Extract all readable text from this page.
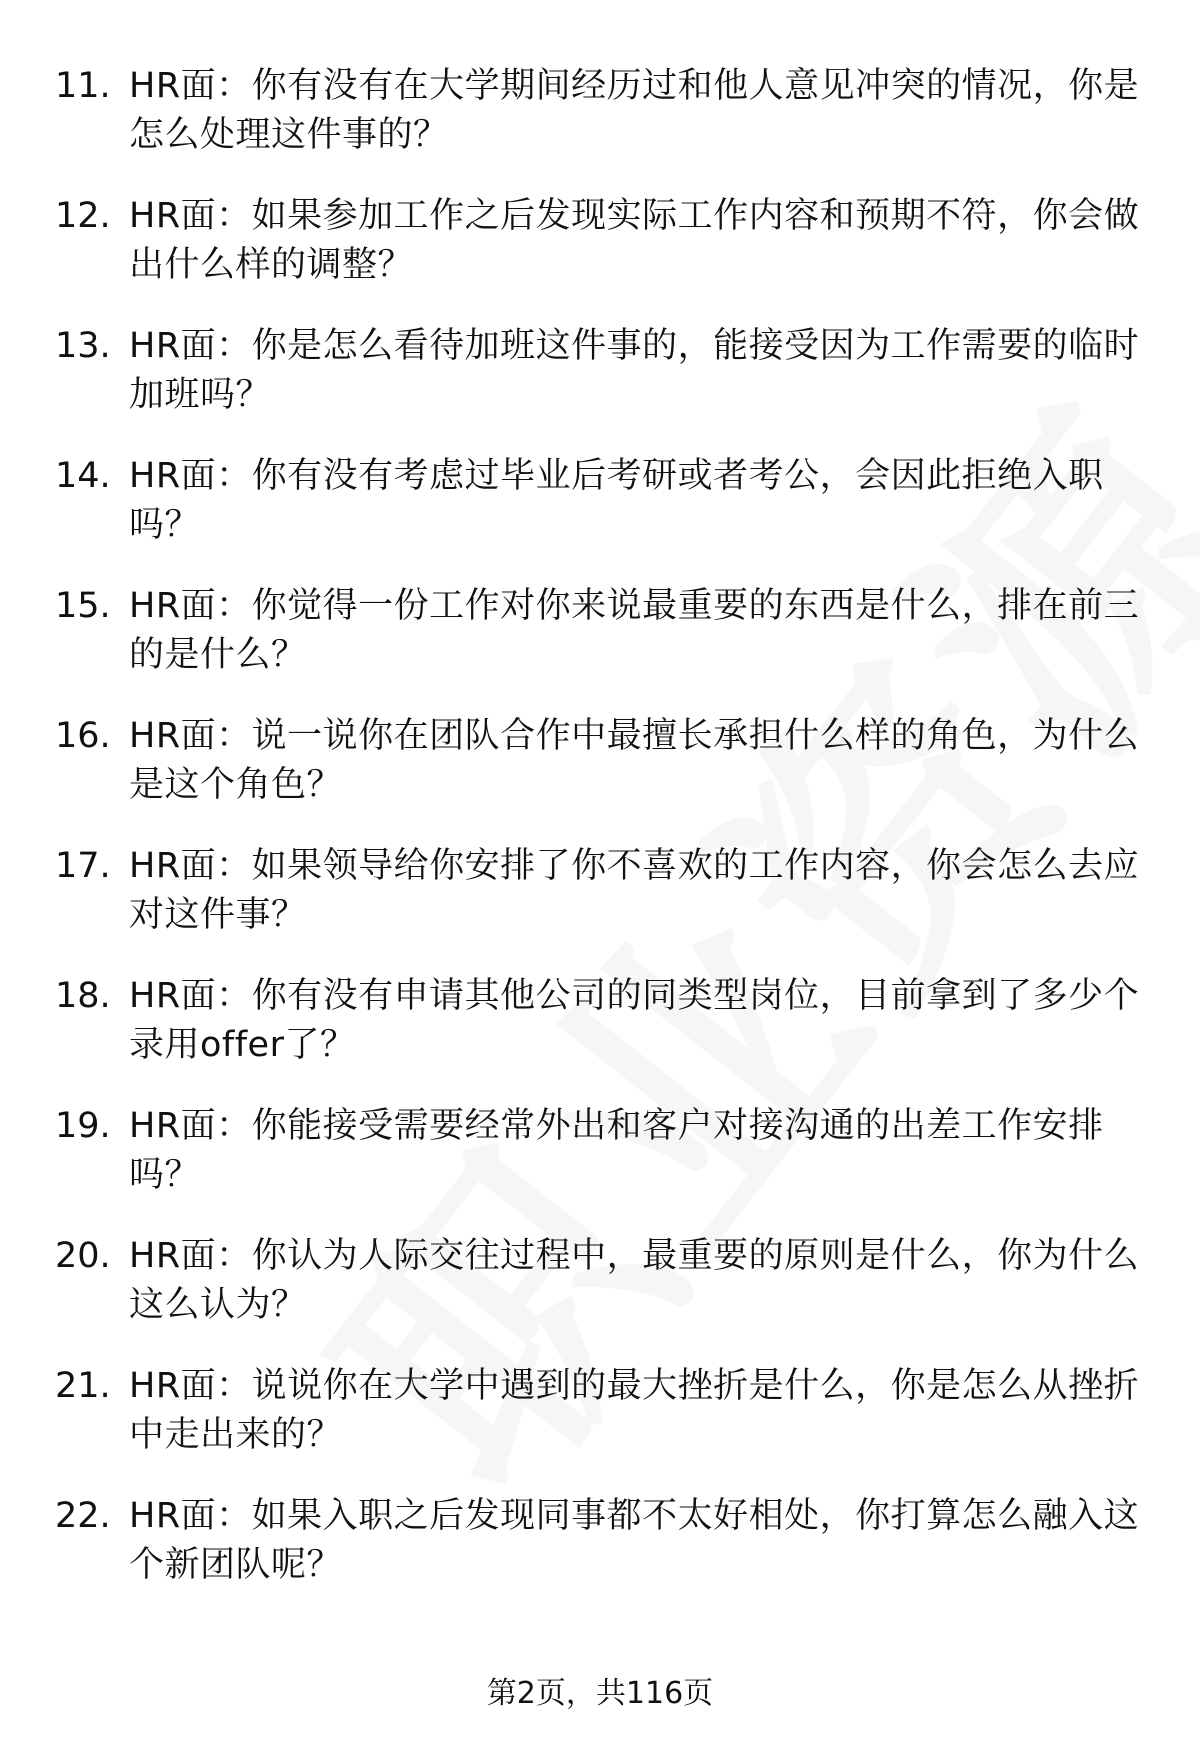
11. HR面：你有没有在大学期间经历过和他人意见冲突的情况，你是怎么处理这件事的？
12. HR面：如果参加工作之后发现实际工作内容和预期不符，你会做出什么样的调整？
13. HR面：你是怎么看待加班这件事的，能接受因为工作需要的临时加班吗？
14. HR面：你有没有考虑过毕业后考研或者考公，会因此拒绝入职吗？
15. HR面：你觉得一份工作对你来说最重要的东西是什么，排在前三的是什么？
16. HR面：说一说你在团队合作中最擅长承担什么样的角色，为什么是这个角色？
17. HR面：如果领导给你安排了你不喜欢的工作内容，你会怎么去应对这件事？
18. HR面：你有没有申请其他公司的同类型岗位，目前拿到了多少个录用offer了？
19. HR面：你能接受需要经常外出和客户对接沟通的出差工作安排吗？
20. HR面：你认为人际交往过程中，最重要的原则是什么，你为什么这么认为？
21. HR面：说说你在大学中遇到的最大挫折是什么，你是怎么从挫折中走出来的？
22. HR面：如果入职之后发现同事都不太好相处，你打算怎么融入这个新团队呢？
第2页，共116页
